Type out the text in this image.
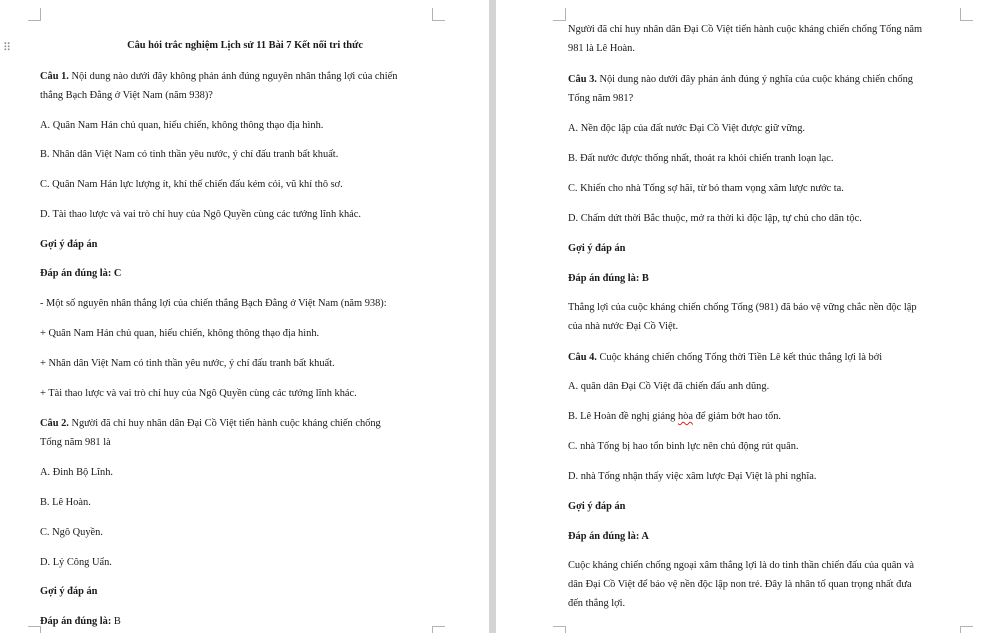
⠿	Câu hỏi trắc nghiệm Lịch sử 11 Bài 7 Kết nối tri thức
Câu 1. Nội dung nào dưới đây không phản ánh đúng nguyên nhân thắng lợi của chiến
thắng Bạch Đằng ở Việt Nam (năm 938)?
A. Quân Nam Hán chủ quan, hiếu chiến, không thông thạo địa hình.
B. Nhân dân Việt Nam có tinh thần yêu nước, ý chí đấu tranh bất khuất.
C. Quân Nam Hán lực lượng ít, khí thế chiến đấu kém cỏi, vũ khí thô sơ.
D. Tài thao lược và vai trò chỉ huy của Ngô Quyền cùng các tướng lĩnh khác.
Gợi ý đáp án
Đáp án đúng là: C
- Một số nguyên nhân thắng lợi của chiến thắng Bạch Đằng ở Việt Nam (năm 938):
+ Quân Nam Hán chủ quan, hiếu chiến, không thông thạo địa hình.
+ Nhân dân Việt Nam có tinh thần yêu nước, ý chí đấu tranh bất khuất.
+ Tài thao lược và vai trò chỉ huy của Ngô Quyền cùng các tướng lĩnh khác.
Câu 2. Người đã chỉ huy nhân dân Đại Cồ Việt tiến hành cuộc kháng chiến chống
Tống năm 981 là
A. Đinh Bộ Lĩnh.
B. Lê Hoàn.
C. Ngô Quyền.
D. Lý Công Uẩn.
Gợi ý đáp án
Đáp án đúng là: B
Người đã chỉ huy nhân dân Đại Cồ Việt tiến hành cuộc kháng chiến chống Tống năm
981 là Lê Hoàn.
Câu 3. Nội dung nào dưới đây phản ánh đúng ý nghĩa của cuộc kháng chiến chống
Tống năm 981?
A. Nền độc lập của đất nước Đại Cồ Việt được giữ vững.
B. Đất nước được thống nhất, thoát ra khỏi chiến tranh loạn lạc.
C. Khiến cho nhà Tống sợ hãi, từ bỏ tham vọng xâm lược nước ta.
D. Chấm dứt thời Bắc thuộc, mở ra thời kì độc lập, tự chủ cho dân tộc.
Gợi ý đáp án
Đáp án đúng là: B
Thắng lợi của cuộc kháng chiến chống Tống (981) đã bảo vệ vững chắc nền độc lập
của nhà nước Đại Cồ Việt.
Câu 4. Cuộc kháng chiến chống Tống thời Tiền Lê kết thúc thắng lợi là bởi
A. quân dân Đại Cồ Việt đã chiến đấu anh dũng.
B. Lê Hoàn đề nghị giảng hòa để giảm bớt hao tổn.
C. nhà Tống bị hao tổn binh lực nên chủ động rút quân.
D. nhà Tống nhận thấy việc xâm lược Đại Việt là phi nghĩa.
Gợi ý đáp án
Đáp án đúng là: A
Cuộc kháng chiến chống ngoại xâm thắng lợi là do tinh thần chiến đấu của quân và
dân Đại Cồ Việt để bảo vệ nền độc lập non trẻ. Đây là nhân tố quan trọng nhất đưa
đến thắng lợi.
